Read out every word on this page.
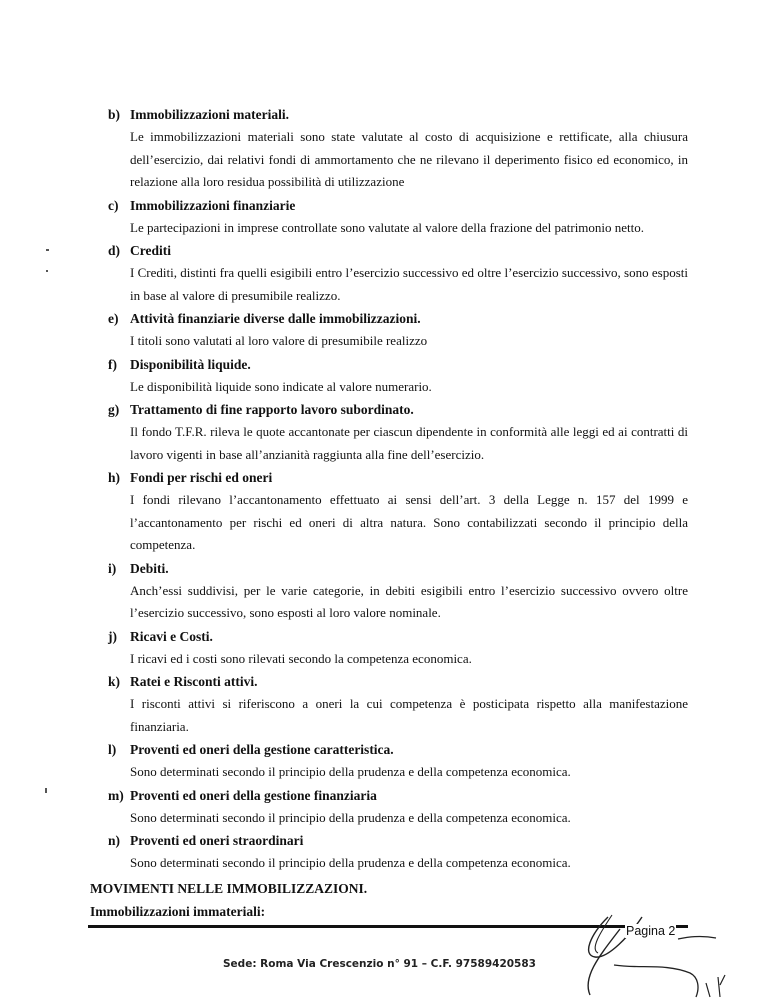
b) Immobilizzazioni materiali.
Le immobilizzazioni materiali sono state valutate al costo di acquisizione e rettificate, alla chiusura dell’esercizio, dai relativi fondi di ammortamento che ne rilevano il deperimento fisico ed economico, in relazione alla loro residua possibilità di utilizzazione
c) Immobilizzazioni finanziarie
Le partecipazioni in imprese controllate sono valutate al valore della frazione del patrimonio netto.
d) Crediti
I Crediti, distinti fra quelli esigibili entro l’esercizio successivo ed oltre l’esercizio successivo, sono esposti in base al valore di presumibile realizzo.
e) Attività finanziarie diverse dalle immobilizzazioni.
I titoli sono valutati al loro valore di presumibile realizzo
f) Disponibilità liquide.
Le disponibilità liquide sono indicate al valore numerario.
g) Trattamento di fine rapporto lavoro subordinato.
Il fondo T.F.R. rileva le quote accantonate per ciascun dipendente in conformità alle leggi ed ai contratti di lavoro vigenti in base all’anzianità raggiunta alla fine dell’esercizio.
h) Fondi per rischi ed oneri
I fondi rilevano l’accantonamento effettuato ai sensi dell’art. 3 della Legge n. 157 del 1999 e l’accantonamento per rischi ed oneri di altra natura. Sono contabilizzati secondo il principio della competenza.
i)	Debiti.
Anch’essi suddivisi, per le varie categorie, in debiti esigibili entro l’esercizio successivo ovvero oltre l’esercizio successivo, sono esposti al loro valore nominale.
j) Ricavi e Costi.
I ricavi ed i costi sono rilevati secondo la competenza economica.
k) Ratei e Risconti attivi.
I risconti attivi si riferiscono a oneri la cui competenza è posticipata rispetto alla manifestazione finanziaria.
l)	Proventi ed oneri della gestione caratteristica.
Sono determinati secondo il principio della prudenza e della competenza economica.
m) Proventi ed oneri della gestione finanziaria
Sono determinati secondo il principio della prudenza e della competenza economica.
n) Proventi ed oneri straordinari
Sono determinati secondo il principio della prudenza e della competenza economica.
MOVIMENTI NELLE IMMOBILIZZAZIONI.
Immobilizzazioni immateriali:
Pagina 2
Sede: Roma Via Crescenzio n° 91 – C.F. 97589420583
